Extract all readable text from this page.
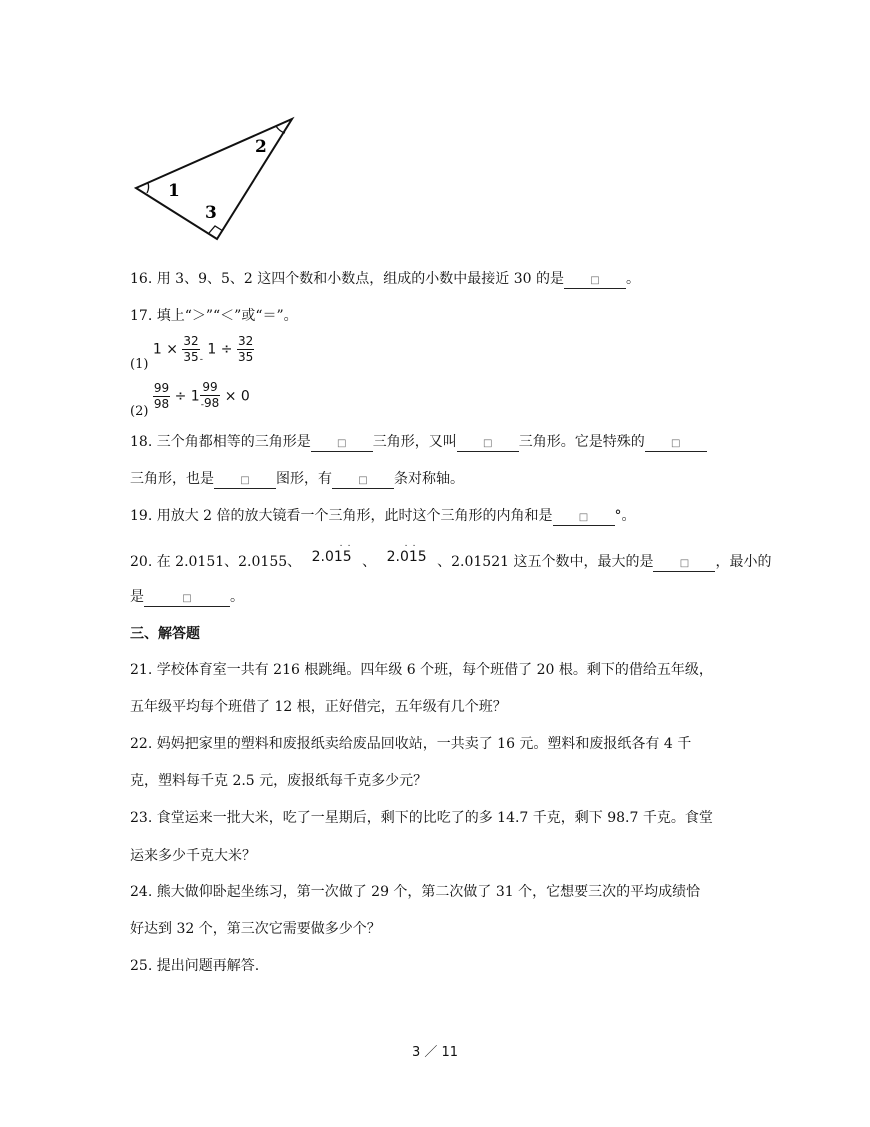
1
2
3
16. 用 3、9、5、2 这四个数和小数点，组成的小数中最接近 30 的是	□ 。
17. 填上“＞”“＜”或“＝”。
(1) $1 \times \frac{32}{35} _-$ $1 \div \frac{32}{35}$
$(2) \frac{99}{98} \div 1 \frac{99}{-98} \times 0$
18. 三个角都相等的三角形是	□ 三角形，又叫	□ 三角形。它是特殊的	□
三角形，也是	□ 图形，有	□ 条对称轴。
19. 用放大 2 倍的放大镜看一个三角形，此时这个三角形的内角和是	□ °。
20. 在 2.0151、2.0155、
. .
2.015 、
. .
2.015 、2.01521 这五个数中，最大的是	□ ，最小的
是	□	。
三、解答题
21. 学校体育室一共有 216 根跳绳。四年级 6 个班，每个班借了 20 根。剩下的借给五年级，
五年级平均每个班借了 12 根，正好借完，五年级有几个班？
22. 妈妈把家里的塑料和废报纸卖给废品回收站，一共卖了 16 元。塑料和废报纸各有 4 千
克，塑料每千克 2.5 元，废报纸每千克多少元？
23. 食堂运来一批大米，吃了一星期后，剩下的比吃了的多 14.7 千克，剩下 98.7 千克。食堂
运来多少千克大米？
24. 熊大做仰卧起坐练习，第一次做了 29 个，第二次做了 31 个，它想要三次的平均成绩恰
好达到 32 个，第三次它需要做多少个？
25. 提出问题再解答.
3 ／ 11
